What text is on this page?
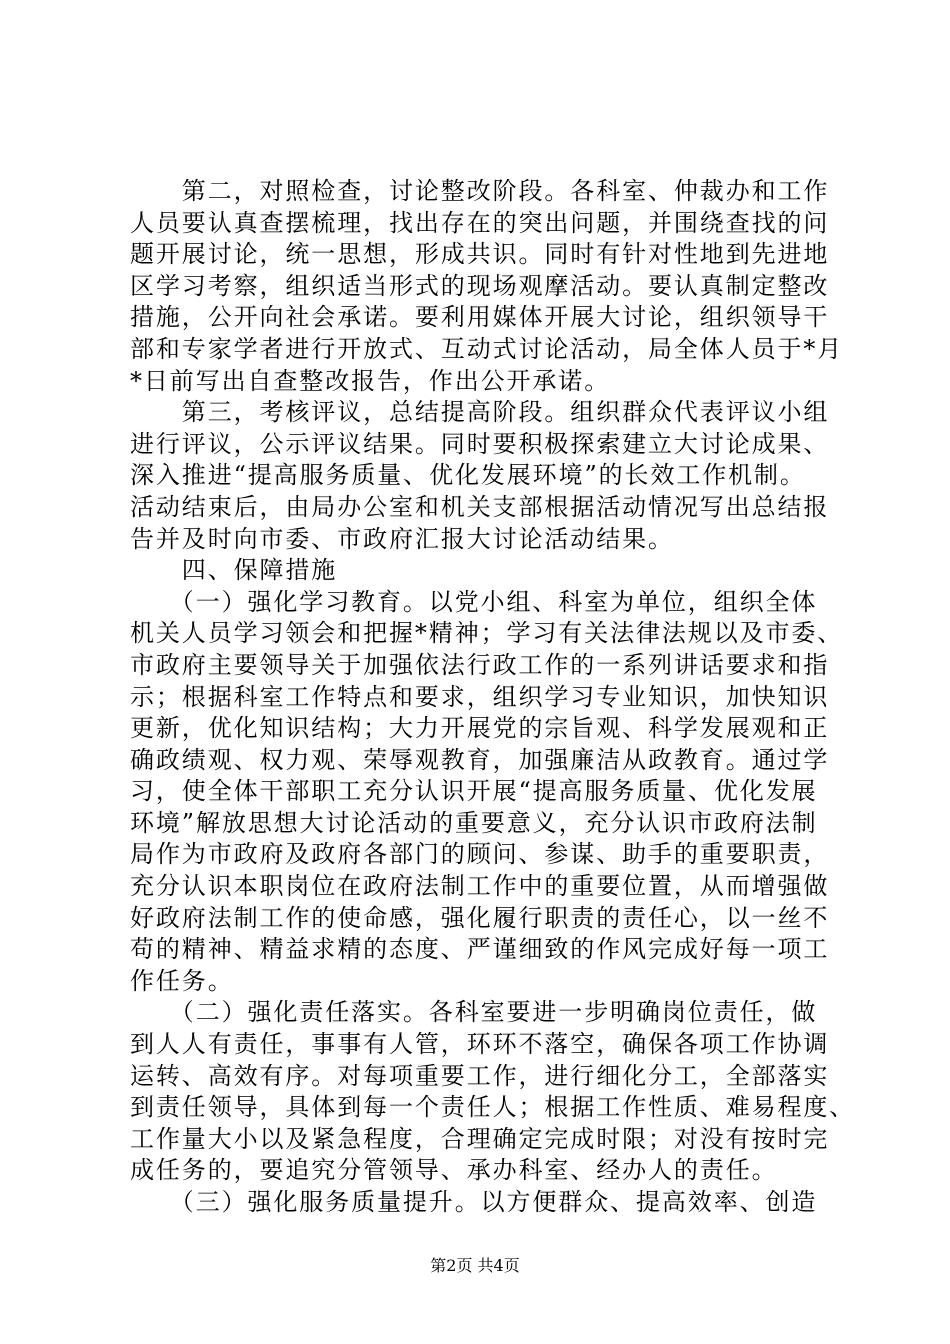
　　第二，对照检查，讨论整改阶段。各科室、仲裁办和工作
人员要认真查摆梳理，找出存在的突出问题，并围绕查找的问
题开展讨论，统一思想，形成共识。同时有针对性地到先进地
区学习考察，组织适当形式的现场观摩活动。要认真制定整改
措施，公开向社会承诺。要利用媒体开展大讨论，组织领导干
部和专家学者进行开放式、互动式讨论活动，局全体人员于*月
*日前写出自查整改报告，作出公开承诺。
　　第三，考核评议，总结提高阶段。组织群众代表评议小组
进行评议，公示评议结果。同时要积极探索建立大讨论成果、
深入推进“提高服务质量、优化发展环境”的长效工作机制。
活动结束后，由局办公室和机关支部根据活动情况写出总结报
告并及时向市委、市政府汇报大讨论活动结果。
　　四、保障措施
　　（一）强化学习教育。以党小组、科室为单位，组织全体
机关人员学习领会和把握*精神；学习有关法律法规以及市委、
市政府主要领导关于加强依法行政工作的一系列讲话要求和指
示；根据科室工作特点和要求，组织学习专业知识，加快知识
更新，优化知识结构；大力开展党的宗旨观、科学发展观和正
确政绩观、权力观、荣辱观教育，加强廉洁从政教育。通过学
习，使全体干部职工充分认识开展“提高服务质量、优化发展
环境”解放思想大讨论活动的重要意义，充分认识市政府法制
局作为市政府及政府各部门的顾问、参谋、助手的重要职责，
充分认识本职岗位在政府法制工作中的重要位置，从而增强做
好政府法制工作的使命感，强化履行职责的责任心，以一丝不
苟的精神、精益求精的态度、严谨细致的作风完成好每一项工
作任务。
　　（二）强化责任落实。各科室要进一步明确岗位责任，做
到人人有责任，事事有人管，环环不落空，确保各项工作协调
运转、高效有序。对每项重要工作，进行细化分工，全部落实
到责任领导，具体到每一个责任人；根据工作性质、难易程度、
工作量大小以及紧急程度，合理确定完成时限；对没有按时完
成任务的，要追究分管领导、承办科室、经办人的责任。
　　（三）强化服务质量提升。以方便群众、提高效率、创造
第2页 共4页
